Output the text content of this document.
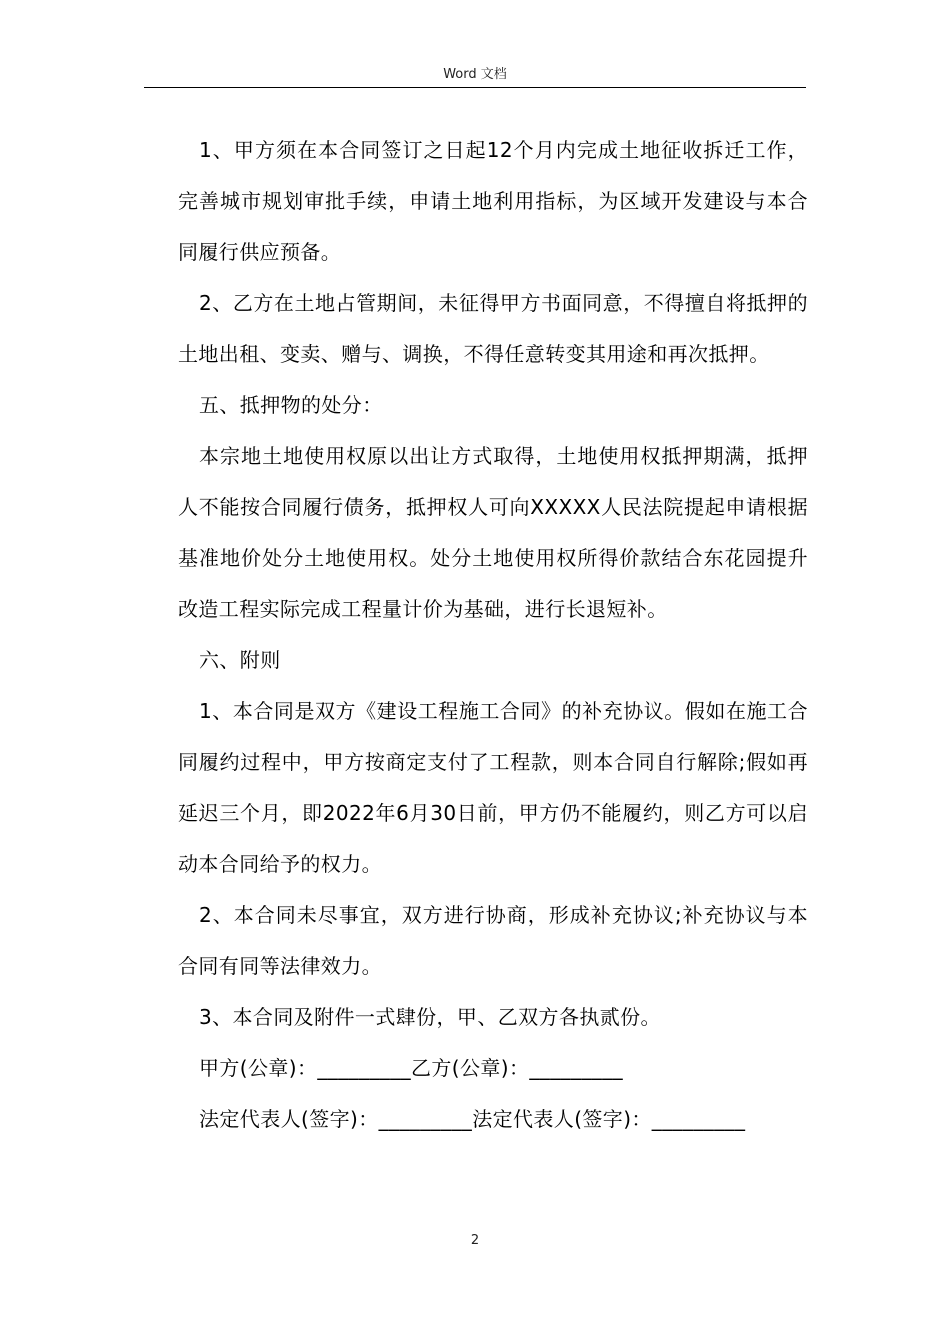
Word 文档

1、甲方须在本合同签订之日起12个月内完成土地征收拆迁工作，完善城市规划审批手续，申请土地利用指标，为区域开发建设与本合同履行供应预备。

2、乙方在土地占管期间，未征得甲方书面同意，不得擅自将抵押的土地出租、变卖、赠与、调换，不得任意转变其用途和再次抵押。

五、抵押物的处分：

本宗地土地使用权原以出让方式取得，土地使用权抵押期满，抵押人不能按合同履行债务，抵押权人可向XXXXX人民法院提起申请根据基准地价处分土地使用权。处分土地使用权所得价款结合东花园提升改造工程实际完成工程量计价为基础，进行长退短补。

六、附则

1、本合同是双方《建设工程施工合同》的补充协议。假如在施工合同履约过程中，甲方按商定支付了工程款，则本合同自行解除;假如再延迟三个月，即2022年6月30日前，甲方仍不能履约，则乙方可以启动本合同给予的权力。

2、本合同未尽事宜，双方进行协商，形成补充协议;补充协议与本合同有同等法律效力。

3、本合同及附件一式肆份，甲、乙双方各执贰份。

甲方(公章)：_________乙方(公章)：_________

法定代表人(签字)：_________法定代表人(签字)：_________

2
